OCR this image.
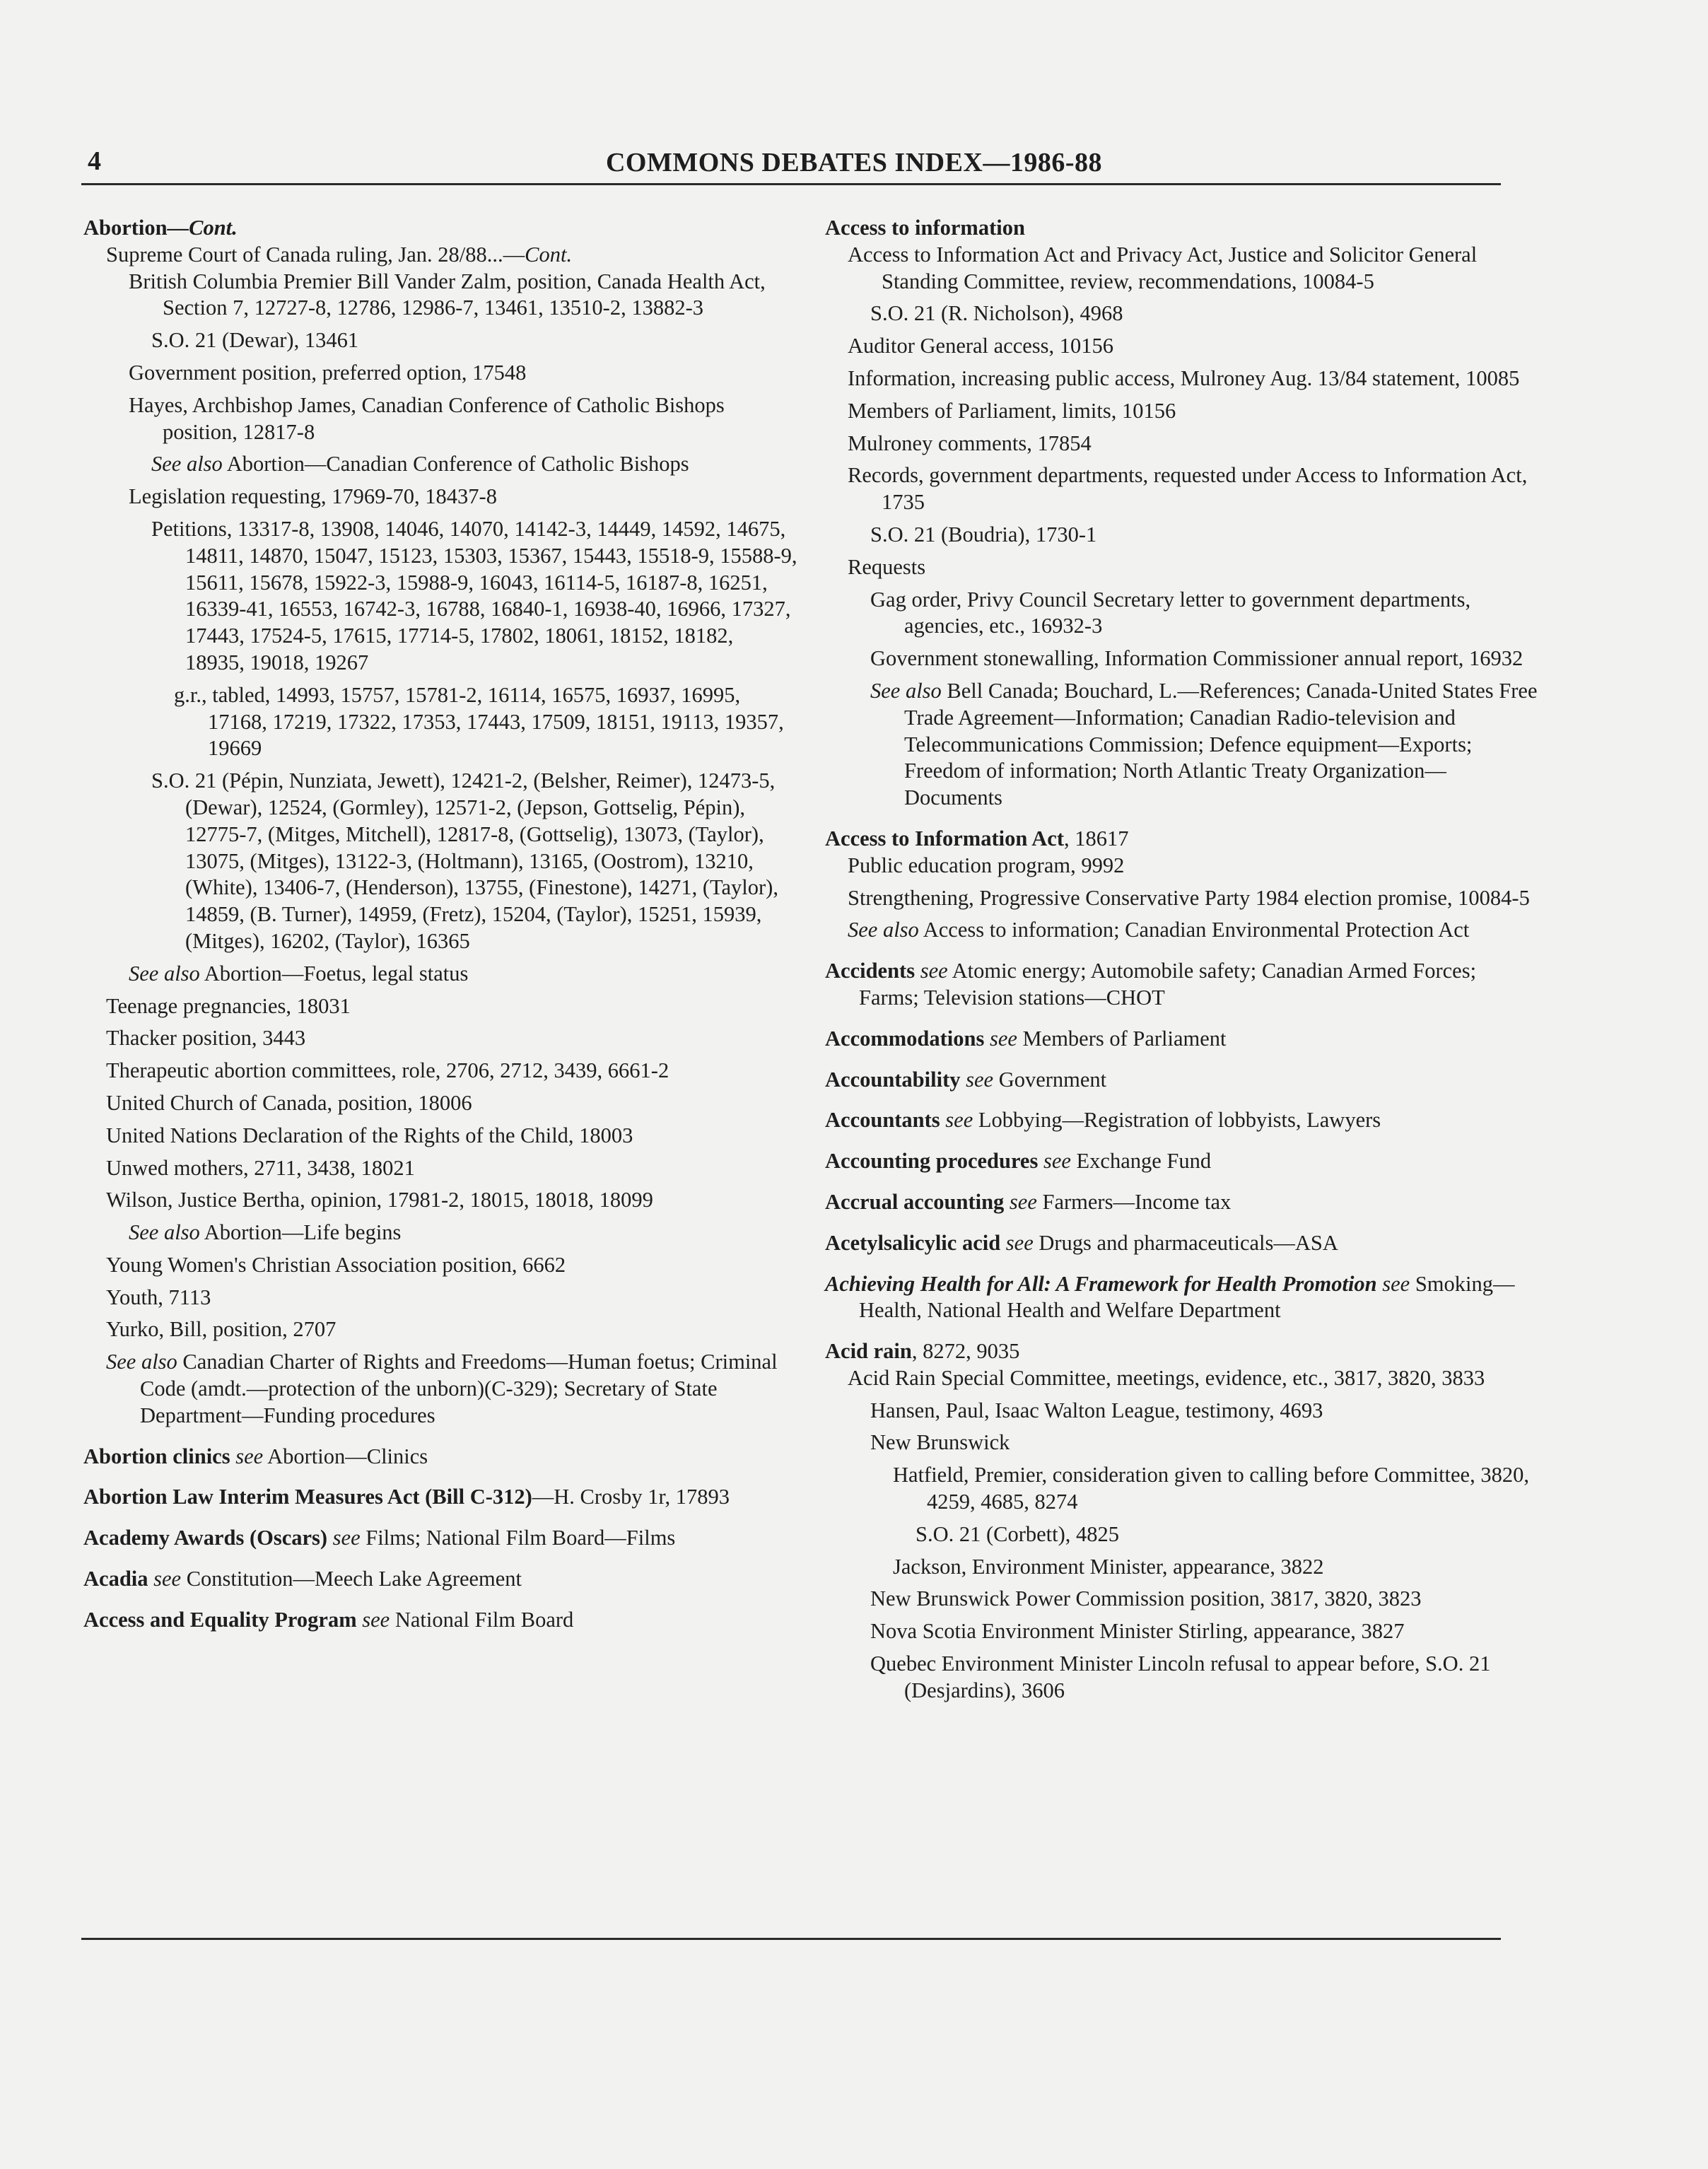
4	COMMONS DEBATES INDEX—1986-88

Abortion—Cont.

Supreme Court of Canada ruling, Jan. 28/88...—Cont.

British Columbia Premier Bill Vander Zalm, position, Canada Health Act, Section 7, 12727-8, 12786, 12986-7, 13461, 13510-2, 13882-3

S.O. 21 (Dewar), 13461

Government position, preferred option, 17548

Hayes, Archbishop James, Canadian Conference of Catholic Bishops position, 12817-8

See also Abortion—Canadian Conference of Catholic Bishops

Legislation requesting, 17969-70, 18437-8

Petitions, 13317-8, 13908, 14046, 14070, 14142-3, 14449, 14592, 14675, 14811, 14870, 15047, 15123, 15303, 15367, 15443, 15518-9, 15588-9, 15611, 15678, 15922-3, 15988-9, 16043, 16114-5, 16187-8, 16251, 16339-41, 16553, 16742-3, 16788, 16840-1, 16938-40, 16966, 17327, 17443, 17524-5, 17615, 17714-5, 17802, 18061, 18152, 18182, 18935, 19018, 19267

g.r., tabled, 14993, 15757, 15781-2, 16114, 16575, 16937, 16995, 17168, 17219, 17322, 17353, 17443, 17509, 18151, 19113, 19357, 19669

S.O. 21 (Pépin, Nunziata, Jewett), 12421-2, (Belsher, Reimer), 12473-5, (Dewar), 12524, (Gormley), 12571-2, (Jepson, Gottselig, Pépin), 12775-7, (Mitges, Mitchell), 12817-8, (Gottselig), 13073, (Taylor), 13075, (Mitges), 13122-3, (Holtmann), 13165, (Oostrom), 13210, (White), 13406-7, (Henderson), 13755, (Finestone), 14271, (Taylor), 14859, (B. Turner), 14959, (Fretz), 15204, (Taylor), 15251, 15939, (Mitges), 16202, (Taylor), 16365

See also Abortion—Foetus, legal status

Teenage pregnancies, 18031

Thacker position, 3443

Therapeutic abortion committees, role, 2706, 2712, 3439, 6661-2

United Church of Canada, position, 18006

United Nations Declaration of the Rights of the Child, 18003

Unwed mothers, 2711, 3438, 18021

Wilson, Justice Bertha, opinion, 17981-2, 18015, 18018, 18099

See also Abortion—Life begins

Young Women's Christian Association position, 6662

Youth, 7113

Yurko, Bill, position, 2707

See also Canadian Charter of Rights and Freedoms—Human foetus; Criminal Code (amdt.—protection of the unborn)(C-329); Secretary of State Department—Funding procedures

Abortion clinics see Abortion—Clinics

Abortion Law Interim Measures Act (Bill C-312)—H. Crosby 1r, 17893

Academy Awards (Oscars) see Films; National Film Board—Films

Acadia see Constitution—Meech Lake Agreement

Access and Equality Program see National Film Board

Access to information

Access to Information Act and Privacy Act, Justice and Solicitor General Standing Committee, review, recommendations, 10084-5

S.O. 21 (R. Nicholson), 4968

Auditor General access, 10156

Information, increasing public access, Mulroney Aug. 13/84 statement, 10085

Members of Parliament, limits, 10156

Mulroney comments, 17854

Records, government departments, requested under Access to Information Act, 1735

S.O. 21 (Boudria), 1730-1

Requests

Gag order, Privy Council Secretary letter to government departments, agencies, etc., 16932-3

Government stonewalling, Information Commissioner annual report, 16932

See also Bell Canada; Bouchard, L.—References; Canada-United States Free Trade Agreement—Information; Canadian Radio-television and Telecommunications Commission; Defence equipment—Exports; Freedom of information; North Atlantic Treaty Organization—Documents

Access to Information Act, 18617

Public education program, 9992

Strengthening, Progressive Conservative Party 1984 election promise, 10084-5

See also Access to information; Canadian Environmental Protection Act

Accidents see Atomic energy; Automobile safety; Canadian Armed Forces; Farms; Television stations—CHOT

Accommodations see Members of Parliament

Accountability see Government

Accountants see Lobbying—Registration of lobbyists, Lawyers

Accounting procedures see Exchange Fund

Accrual accounting see Farmers—Income tax

Acetylsalicylic acid see Drugs and pharmaceuticals—ASA

Achieving Health for All: A Framework for Health Promotion see Smoking—Health, National Health and Welfare Department

Acid rain, 8272, 9035

Acid Rain Special Committee, meetings, evidence, etc., 3817, 3820, 3833

Hansen, Paul, Isaac Walton League, testimony, 4693

New Brunswick

Hatfield, Premier, consideration given to calling before Committee, 3820, 4259, 4685, 8274

S.O. 21 (Corbett), 4825

Jackson, Environment Minister, appearance, 3822

New Brunswick Power Commission position, 3817, 3820, 3823

Nova Scotia Environment Minister Stirling, appearance, 3827

Quebec Environment Minister Lincoln refusal to appear before, S.O. 21 (Desjardins), 3606
